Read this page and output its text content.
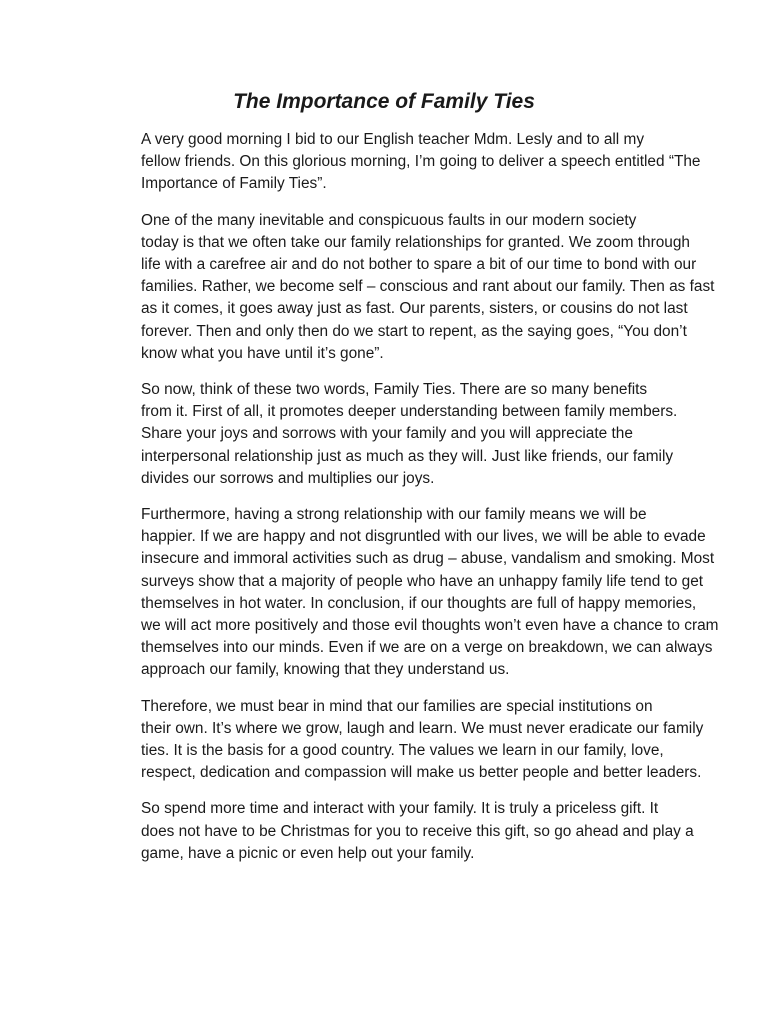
The Importance of Family Ties

A very good morning I bid to our English teacher Mdm. Lesly and to all my
fellow friends. On this glorious morning, I’m going to deliver a speech entitled “The
Importance of Family Ties”.

One of the many inevitable and conspicuous faults in our modern society
today is that we often take our family relationships for granted. We zoom through
life with a carefree air and do not bother to spare a bit of our time to bond with our
families. Rather, we become self – conscious and rant about our family. Then as fast
as it comes, it goes away just as fast. Our parents, sisters, or cousins do not last
forever. Then and only then do we start to repent, as the saying goes, “You don’t
know what you have until it’s gone”.

So now, think of these two words, Family Ties. There are so many benefits
from it. First of all, it promotes deeper understanding between family members.
Share your joys and sorrows with your family and you will appreciate the
interpersonal relationship just as much as they will. Just like friends, our family
divides our sorrows and multiplies our joys.

Furthermore, having a strong relationship with our family means we will be
happier. If we are happy and not disgruntled with our lives, we will be able to evade
insecure and immoral activities such as drug – abuse, vandalism and smoking. Most
surveys show that a majority of people who have an unhappy family life tend to get
themselves in hot water. In conclusion, if our thoughts are full of happy memories,
we will act more positively and those evil thoughts won’t even have a chance to cram
themselves into our minds. Even if we are on a verge on breakdown, we can always
approach our family, knowing that they understand us.

Therefore, we must bear in mind that our families are special institutions on
their own. It’s where we grow, laugh and learn. We must never eradicate our family
ties. It is the basis for a good country. The values we learn in our family, love,
respect, dedication and compassion will make us better people and better leaders.

So spend more time and interact with your family. It is truly a priceless gift. It
does not have to be Christmas for you to receive this gift, so go ahead and play a
game, have a picnic or even help out your family.
